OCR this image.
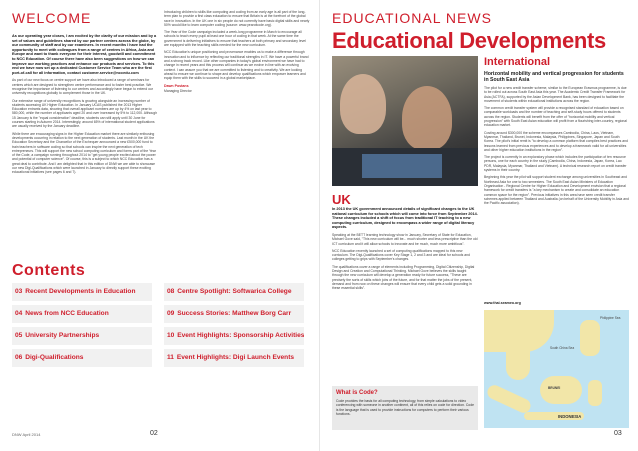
WELCOME

As our operating year closes, I am excited by the clarity of our mission and by a set of values and guidelines shared by our partner centres across the globe, by our community of staff and by our examiners. In recent months I have had the opportunity to meet with colleagues from a range of centres in Africa, Asia and Europe and want to thank everyone for their interest, goodwill and commitment to NCC Education. Of course there have also been suggestions on how we can improve our working practices and enhance our products and services. To this end we have now set up a dedicated Customer Service Team who are the first port-of-call for all information, contact customer.service@nccedu.com

As part of our new focus on centre support we have also introduced a range of seminars for centres which are designed to strengthen centre performance and to foster best practice. We recognise the importance of listening to our centres and accordingly have begun to extend our university recognitions globally to complement those in the UK.

Our extensive range of university recognitions is growing alongside an increasing number of students accessing UK Higher Education. In January UCAS published the 2013 Higher Education entrants data, showing that overall applicant numbers are up by 4% on last year to 580,000, while the number of applicants aged 20 and over increased by 5% to 112,000. Although 15 January is the "equal consideration" deadline, students can still apply until 30 June for courses starting in Autumn 2014. Interestingly, around 65% of international student applications are usually received by the January deadline.

While there are encouraging signs in the Higher Education market there are similarly enthusing developments occurring in relation to the next generation of students. Last month in the UK the Education Secretary and the Chancellor of the Exchequer announced a new £500,000 fund to train teachers in software coding so that schools can inspire the next generation of tech entrepreneurs. This will support the new school computing curriculum and forms part of the Year of the Code, a campaign running throughout 2014 to "get young people excited about the power and potential of computer science". Of course, this is a subject to which NCC Education has a great deal to contribute. And I am delighted that in this edition of DNW we are able to showcase our new Digi-Qualifications which were launched in January to directly support these exciting educational initiatives (see pages 6 and 7).

Introducing children to skills like computing and coding from an early age is all part of the long-term plan to provide a first class education to ensure that Britain is at the forefront of the global race in innovation. In the UK one in six people do not currently have basic digital skills and nearly 50% would like to learn computer coding (source: www.yearofcode.org).

The Year of the Code campaign included a week-long programme in March to encourage all schools to teach every pupil at least one hour of coding in that week. At the same time the government is delivering initiatives to ensure that teachers at both primary and secondary level are equipped with the teaching skills needed for the new curriculum.

NCC Education's unique positioning and provenance enables us to make a difference through innovation and to influence by reflecting our traditional strengths in IT. We have a powerful brand and a strong track record. Like other companies in today's global environment we have had to change in recent years and this process will continue as we evolve in line with an evolving context. I can assure you that we are committed to listening and to creativity. We are looking ahead to ensure we continue to shape and develop qualifications which empower learners and equip them with the skills to succeed in a global marketplace.

Dawn Postans
Managing Director
Contents
03 Recent Developments in Education	08 Centre Spotlight: Softwarica College
04 News from NCC Education	09 Success Stories: Matthew Borg Carr
05 University Partnerships	10 Event Highlights: Sponsorship Activities
06 Digi-Qualifications	11 Event Highlights: Digi Launch Events
DNW April 2014	02
EDUCATIONAL NEWS
Educational Developments
UK

In 2013 the UK government announced details of significant changes to the UK national curriculum for schools which will come into force from September 2014. These changes included a shift of focus from traditional IT teaching to a new computing curriculum, designed to encompass a wider range of digital literacy aspects.

Speaking at the BETT learning technology show in January, Secretary of State for Education, Michael Gove said, "This new curriculum will be... much shorter and less prescriptive than the old ICT curriculum and it will allow schools to innovate and be much, much more ambitious".

NCC Education recently launched a set of computing qualifications mapped to this new curriculum. The Digi-Qualifications cover Key Stage 1, 2 and 3 and are ideal for schools and colleges getting to grips with September's changes.

The qualifications cover a range of elements including Programming, Digital Citizenship, Digital Design and Creation and Computational Thinking. Michael Gove believes the skills taught through the new curriculum will develop a generation ready for future success, "These are precisely the sorts of skills which jobs of the future, and for that matter the jobs of the present, demand and from now on these changes will ensure that every child gets a solid grounding in these essential skills".

What is Code?
Code provides the basis for all computing technology, from simple calculations to video conferencing with someone in another continent, all of this relies on code for direction. Code is the language that is used to provide instructions for computers to perform their various functions.
International
Horizontal mobility and vertical progression for students in South East Asia

The pilot for a new credit transfer scheme, similar to the European Erasmus programme, is due to be rolled out across South East Asia this year. The Academic Credit Transfer Framework for Asia (ACTFA), supported by the Asian Development Bank, has been designed to facilitate the movement of students within educational institutions across the region.

The common credit transfer system will provide a recognised standard of education based on comparable workloads and the number of teaching and self-study hours offered to students across the region. Students will benefit from the offer of "horizontal mobility and vertical progression" with South East Asian education will profit from a flourishing inter-country, regional education market.

Costing around $300,000 the scheme encompasses Cambodia, China, Laos, Vietnam, Myanmar, Thailand, Brunei, Indonesia, Malaysia, Philippines, Singapore, Japan and South Korea. The pilot's initial remit is "to develop a common platform that compiles best practices and lessons learned from previous experiences and to develop a framework valid for all universities and other higher education institutions in the region".

The project is currently in an exploratory phase which includes the participation of ten resource persons, one for each country in the study (Cambodia, China, Indonesia, Japan, Korea, Lao PDR, Malaysia, Myanmar, Thailand and Vietnam). A technical research report on credit transfer systems in their country.

Beginning this year the pilot will support student exchange among universities in Southeast and Northeast Asia for one to two semesters. The South East Asian Ministers of Education Organisation - Regional Centre for Higher Education and Development envision that a regional framework for credit transfers is "a key mechanism to create and consolidate an education common space for the region". Previous initiatives in this area have seen credit transfer schemes applied between Thailand and Australia (on behalf of the University Mobility in Asia and the Pacific association).

www.thai.seameo.org
Philippine Sea
South China Sea
BRUNEI
INDONESIA
03
